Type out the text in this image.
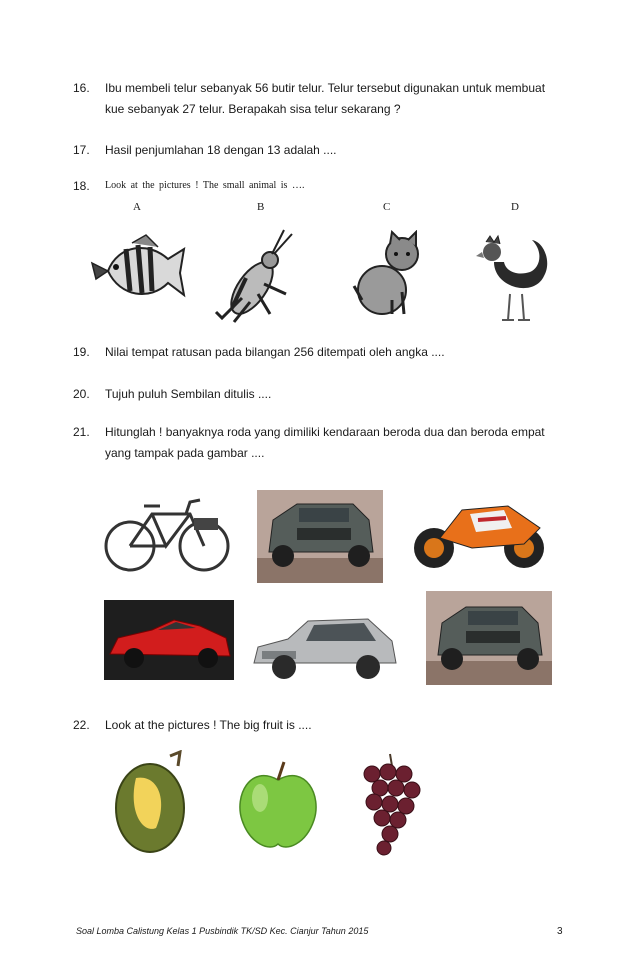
16. Ibu membeli telur sebanyak 56 butir telur. Telur tersebut digunakan untuk membuat
kue sebanyak 27 telur. Berapakah sisa telur sekarang ?
17. Hasil penjumlahan 18 dengan 13 adalah ....
18. Look at the pictures ! The small animal is ….
A	B	C	D
19. Nilai tempat ratusan pada bilangan 256 ditempati oleh angka ....
20. Tujuh puluh Sembilan ditulis ....
21. Hitunglah ! banyaknya roda yang dimiliki kendaraan beroda dua dan beroda empat
yang tampak pada gambar ....
22. Look at the pictures ! The big fruit is ....
Soal Lomba Calistung Kelas 1 Pusbindik TK/SD Kec. Cianjur Tahun 2015	3
